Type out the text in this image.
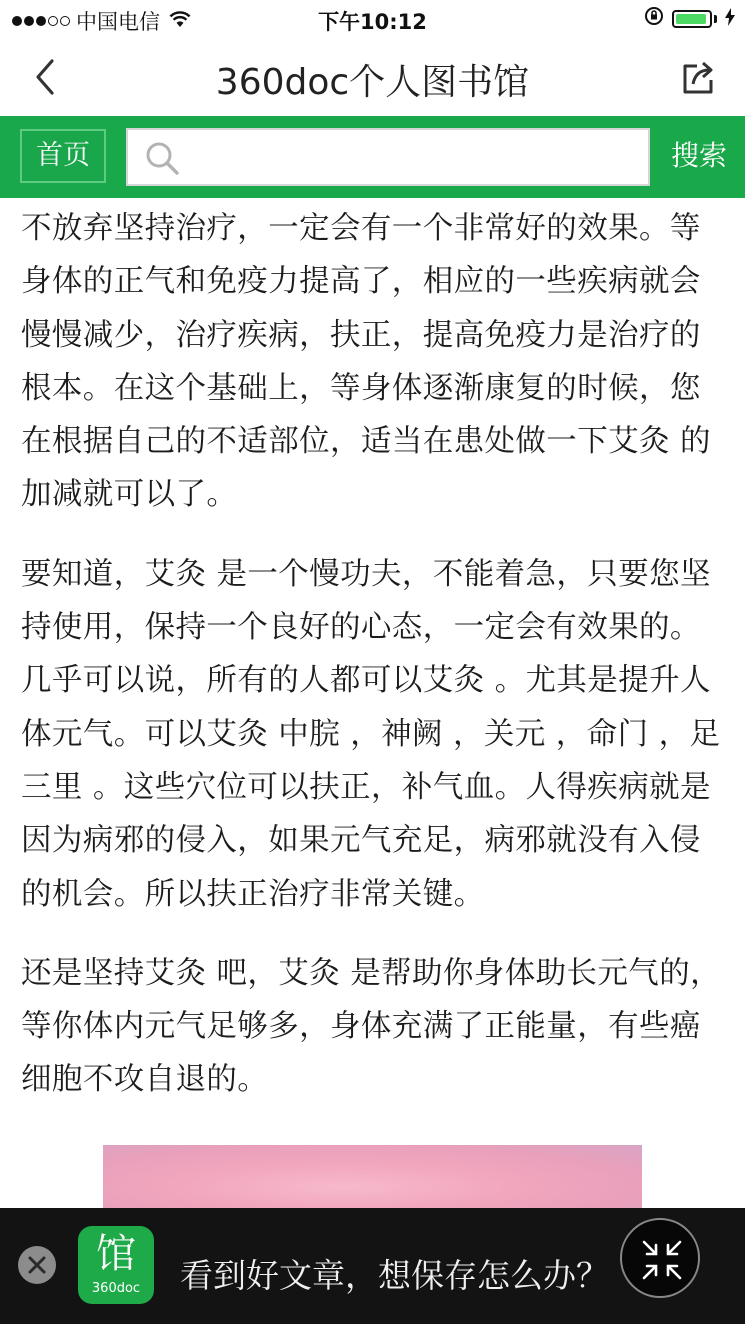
中国电信	下午10:12
360doc个人图书馆
首页	搜索

不放弃坚持治疗，一定会有一个非常好的效果。等身体的正气和免疫力提高了，相应的一些疾病就会慢慢减少，治疗疾病，扶正，提高免疫力是治疗的根本。在这个基础上，等身体逐渐康复的时候，您在根据自己的不适部位，适当在患处做一下艾灸 的加减就可以了。

要知道，艾灸 是一个慢功夫，不能着急，只要您坚持使用，保持一个良好的心态，一定会有效果的。几乎可以说，所有的人都可以艾灸 。尤其是提升人体元气。可以艾灸 中脘 ，神阙 ，关元 ，命门 ，足三里 。这些穴位可以扶正，补气血。人得疾病就是因为病邪的侵入，如果元气充足，病邪就没有入侵的机会。所以扶正治疗非常关键。

还是坚持艾灸 吧，艾灸 是帮助你身体助长元气的，等你体内元气足够多，身体充满了正能量，有些癌细胞不攻自退的。

馆
360doc	看到好文章，想保存怎么办？
